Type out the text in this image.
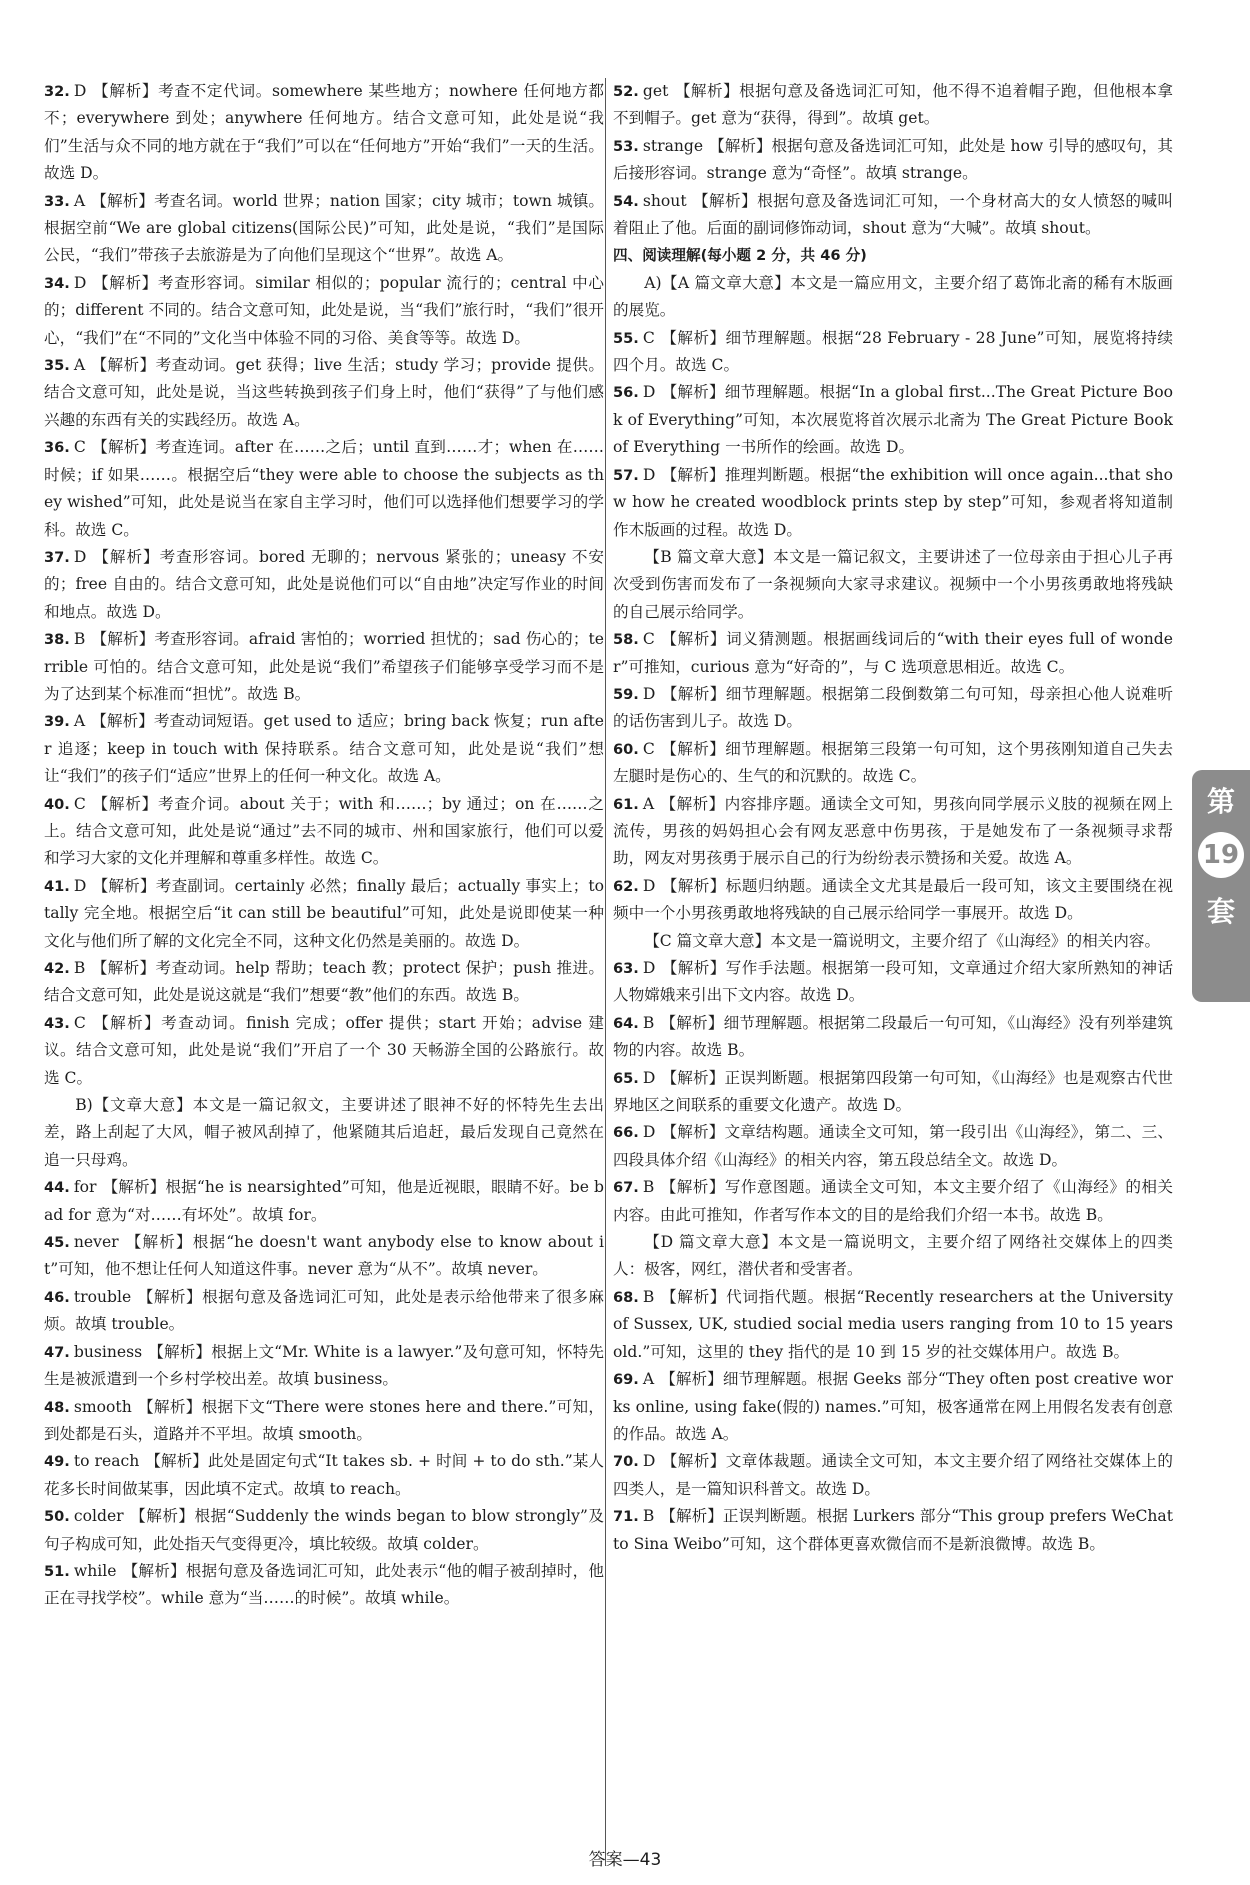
32. D 【解析】考查不定代词。somewhere 某些地方；nowhere 任何地方都不；everywhere 到处；anywhere 任何地方。结合文意可知，此处是说“我们”生活与众不同的地方就在于“我们”可以在“任何地方”开始“我们”一天的生活。故选 D。

33. A 【解析】考查名词。world 世界；nation 国家；city 城市；town 城镇。根据空前“We are global citizens(国际公民)”可知，此处是说，“我们”是国际公民，“我们”带孩子去旅游是为了向他们呈现这个“世界”。故选 A。

34. D 【解析】考查形容词。similar 相似的；popular 流行的；central 中心的；different 不同的。结合文意可知，此处是说，当“我们”旅行时，“我们”很开心，“我们”在“不同的”文化当中体验不同的习俗、美食等等。故选 D。

35. A 【解析】考查动词。get 获得；live 生活；study 学习；provide 提供。结合文意可知，此处是说，当这些转换到孩子们身上时，他们“获得”了与他们感兴趣的东西有关的实践经历。故选 A。

36. C 【解析】考查连词。after 在……之后；until 直到……才；when 在……时候；if 如果……。根据空后“they were able to choose the subjects as they wished”可知，此处是说当在家自主学习时，他们可以选择他们想要学习的学科。故选 C。

37. D 【解析】考查形容词。bored 无聊的；nervous 紧张的；uneasy 不安的；free 自由的。结合文意可知，此处是说他们可以“自由地”决定写作业的时间和地点。故选 D。

38. B 【解析】考查形容词。afraid 害怕的；worried 担忧的；sad 伤心的；terrible 可怕的。结合文意可知，此处是说“我们”希望孩子们能够享受学习而不是为了达到某个标准而“担忧”。故选 B。

39. A 【解析】考查动词短语。get used to 适应；bring back 恢复；run after 追逐；keep in touch with 保持联系。结合文意可知，此处是说“我们”想让“我们”的孩子们“适应”世界上的任何一种文化。故选 A。

40. C 【解析】考查介词。about 关于；with 和……；by 通过；on 在……之上。结合文意可知，此处是说“通过”去不同的城市、州和国家旅行，他们可以爱和学习大家的文化并理解和尊重多样性。故选 C。

41. D 【解析】考查副词。certainly 必然；finally 最后；actually 事实上；totally 完全地。根据空后“it can still be beautiful”可知，此处是说即使某一种文化与他们所了解的文化完全不同，这种文化仍然是美丽的。故选 D。

42. B 【解析】考查动词。help 帮助；teach 教；protect 保护；push 推进。结合文意可知，此处是说这就是“我们”想要“教”他们的东西。故选 B。

43. C 【解析】考查动词。finish 完成；offer 提供；start 开始；advise 建议。结合文意可知，此处是说“我们”开启了一个 30 天畅游全国的公路旅行。故选 C。

B)【文章大意】本文是一篇记叙文，主要讲述了眼神不好的怀特先生去出差，路上刮起了大风，帽子被风刮掉了，他紧随其后追赶，最后发现自己竟然在追一只母鸡。

44. for 【解析】根据“he is nearsighted”可知，他是近视眼，眼睛不好。be bad for 意为“对……有坏处”。故填 for。

45. never 【解析】根据“he doesn't want anybody else to know about it”可知，他不想让任何人知道这件事。never 意为“从不”。故填 never。

46. trouble 【解析】根据句意及备选词汇可知，此处是表示给他带来了很多麻烦。故填 trouble。

47. business 【解析】根据上文“Mr. White is a lawyer.”及句意可知，怀特先生是被派遣到一个乡村学校出差。故填 business。

48. smooth 【解析】根据下文“There were stones here and there.”可知，到处都是石头，道路并不平坦。故填 smooth。

49. to reach 【解析】此处是固定句式“It takes sb. + 时间 + to do sth.”某人花多长时间做某事，因此填不定式。故填 to reach。

50. colder 【解析】根据“Suddenly the winds began to blow strongly”及句子构成可知，此处指天气变得更冷，填比较级。故填 colder。

51. while 【解析】根据句意及备选词汇可知，此处表示“他的帽子被刮掉时，他正在寻找学校”。while 意为“当……的时候”。故填 while。

52. get 【解析】根据句意及备选词汇可知，他不得不追着帽子跑，但他根本拿不到帽子。get 意为“获得，得到”。故填 get。

53. strange 【解析】根据句意及备选词汇可知，此处是 how 引导的感叹句，其后接形容词。strange 意为“奇怪”。故填 strange。

54. shout 【解析】根据句意及备选词汇可知，一个身材高大的女人愤怒的喊叫着阻止了他。后面的副词修饰动词，shout 意为“大喊”。故填 shout。

四、阅读理解(每小题 2 分，共 46 分)

A)【A 篇文章大意】本文是一篇应用文，主要介绍了葛饰北斋的稀有木版画的展览。

55. C 【解析】细节理解题。根据“28 February - 28 June”可知，展览将持续四个月。故选 C。

56. D 【解析】细节理解题。根据“In a global first...The Great Picture Book of Everything”可知，本次展览将首次展示北斋为 The Great Picture Book of Everything 一书所作的绘画。故选 D。

57. D 【解析】推理判断题。根据“the exhibition will once again...that show how he created woodblock prints step by step”可知，参观者将知道制作木版画的过程。故选 D。

【B 篇文章大意】本文是一篇记叙文，主要讲述了一位母亲由于担心儿子再次受到伤害而发布了一条视频向大家寻求建议。视频中一个小男孩勇敢地将残缺的自己展示给同学。

58. C 【解析】词义猜测题。根据画线词后的“with their eyes full of wonder”可推知，curious 意为“好奇的”，与 C 选项意思相近。故选 C。

59. D 【解析】细节理解题。根据第二段倒数第二句可知，母亲担心他人说难听的话伤害到儿子。故选 D。

60. C 【解析】细节理解题。根据第三段第一句可知，这个男孩刚知道自己失去左腿时是伤心的、生气的和沉默的。故选 C。

61. A 【解析】内容排序题。通读全文可知，男孩向同学展示义肢的视频在网上流传，男孩的妈妈担心会有网友恶意中伤男孩，于是她发布了一条视频寻求帮助，网友对男孩勇于展示自己的行为纷纷表示赞扬和关爱。故选 A。

62. D 【解析】标题归纳题。通读全文尤其是最后一段可知，该文主要围绕在视频中一个小男孩勇敢地将残缺的自己展示给同学一事展开。故选 D。

【C 篇文章大意】本文是一篇说明文，主要介绍了《山海经》的相关内容。

63. D 【解析】写作手法题。根据第一段可知，文章通过介绍大家所熟知的神话人物嫦娥来引出下文内容。故选 D。

64. B 【解析】细节理解题。根据第二段最后一句可知，《山海经》没有列举建筑物的内容。故选 B。

65. D 【解析】正误判断题。根据第四段第一句可知，《山海经》也是观察古代世界地区之间联系的重要文化遗产。故选 D。

66. D 【解析】文章结构题。通读全文可知，第一段引出《山海经》，第二、三、四段具体介绍《山海经》的相关内容，第五段总结全文。故选 D。

67. B 【解析】写作意图题。通读全文可知，本文主要介绍了《山海经》的相关内容。由此可推知，作者写作本文的目的是给我们介绍一本书。故选 B。

【D 篇文章大意】本文是一篇说明文，主要介绍了网络社交媒体上的四类人：极客，网红，潜伏者和受害者。

68. B 【解析】代词指代题。根据“Recently researchers at the University of Sussex, UK, studied social media users ranging from 10 to 15 years old.”可知，这里的 they 指代的是 10 到 15 岁的社交媒体用户。故选 B。

69. A 【解析】细节理解题。根据 Geeks 部分“They often post creative works online, using fake(假的) names.”可知，极客通常在网上用假名发表有创意的作品。故选 A。

70. D 【解析】文章体裁题。通读全文可知，本文主要介绍了网络社交媒体上的四类人，是一篇知识科普文。故选 D。

71. B 【解析】正误判断题。根据 Lurkers 部分“This group prefers WeChat to Sina Weibo”可知，这个群体更喜欢微信而不是新浪微博。故选 B。

第
19
套
答案—43
